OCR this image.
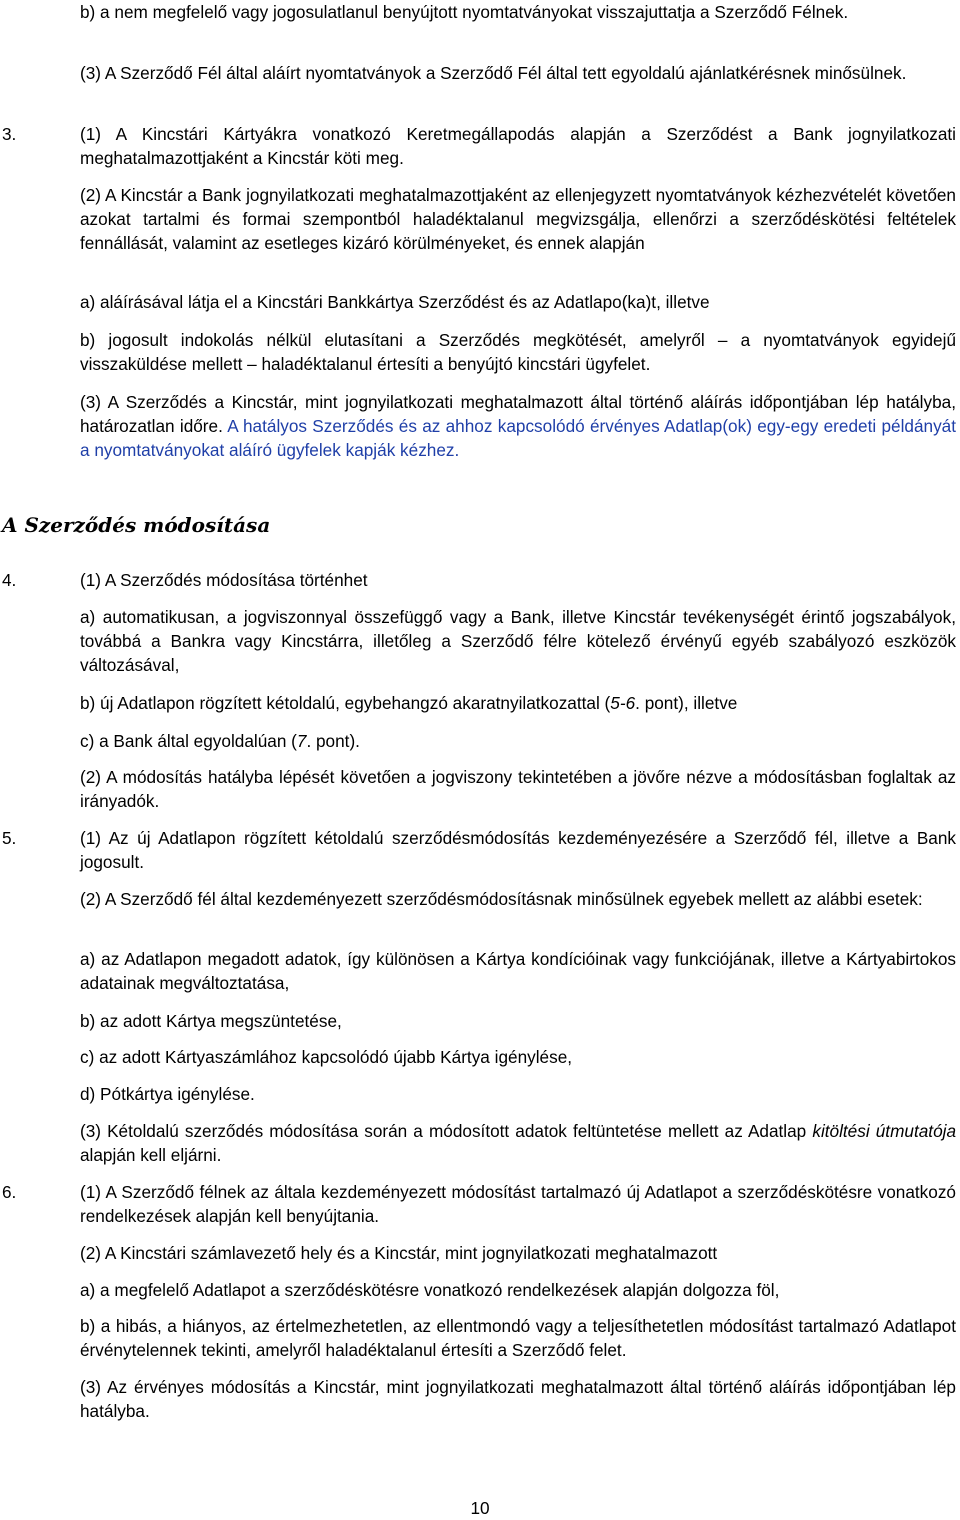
b) a nem megfelelő vagy jogosulatlanul benyújtott nyomtatványokat visszajuttatja a Szerződő Félnek.

(3) A Szerződő Fél által aláírt nyomtatványok a Szerződő Fél által tett egyoldalú ajánlatkérésnek minősülnek.

3.	(1) A Kincstári Kártyákra vonatkozó Keretmegállapodás alapján a Szerződést a Bank jognyilatkozati meghatalmazottjaként a Kincstár köti meg.

(2) A Kincstár a Bank jognyilatkozati meghatalmazottjaként az ellenjegyzett nyomtatványok kézhezvételét követően azokat tartalmi és formai szempontból haladéktalanul megvizsgálja, ellenőrzi a szerződéskötési feltételek fennállását, valamint az esetleges kizáró körülményeket, és ennek alapján

a) aláírásával látja el a Kincstári Bankkártya Szerződést és az Adatlapo(ka)t, illetve

b) jogosult indokolás nélkül elutasítani a Szerződés megkötését, amelyről – a nyomtatványok egyidejű visszaküldése mellett – haladéktalanul értesíti a benyújtó kincstári ügyfelet.

(3) A Szerződés a Kincstár, mint jognyilatkozati meghatalmazott által történő aláírás időpontjában lép hatályba, határozatlan időre. A hatályos Szerződés és az ahhoz kapcsolódó érvényes Adatlap(ok) egy-egy eredeti példányát a nyomtatványokat aláíró ügyfelek kapják kézhez.

A Szerződés módosítása

4.	(1) A Szerződés módosítása történhet

a) automatikusan, a jogviszonnyal összefüggő vagy a Bank, illetve Kincstár tevékenységét érintő jogszabályok, továbbá a Bankra vagy Kincstárra, illetőleg a Szerződő félre kötelező érvényű egyéb szabályozó eszközök változásával,

b) új Adatlapon rögzített kétoldalú, egybehangzó akaratnyilatkozattal (5-6. pont), illetve

c) a Bank által egyoldalúan (7. pont).

(2) A módosítás hatályba lépését követően a jogviszony tekintetében a jövőre nézve a módosításban foglaltak az irányadók.

5.	(1) Az új Adatlapon rögzített kétoldalú szerződésmódosítás kezdeményezésére a Szerződő fél, illetve a Bank jogosult.

(2) A Szerződő fél által kezdeményezett szerződésmódosításnak minősülnek egyebek mellett az alábbi esetek:

a) az Adatlapon megadott adatok, így különösen a Kártya kondícióinak vagy funkciójának, illetve a Kártyabirtokos adatainak megváltoztatása,

b) az adott Kártya megszüntetése,

c) az adott Kártyaszámlához kapcsolódó újabb Kártya igénylése,

d) Pótkártya igénylése.

(3) Kétoldalú szerződés módosítása során a módosított adatok feltüntetése mellett az Adatlap kitöltési útmutatója alapján kell eljárni.

6.	(1) A Szerződő félnek az általa kezdeményezett módosítást tartalmazó új Adatlapot a szerződéskötésre vonatkozó rendelkezések alapján kell benyújtania.

(2) A Kincstári számlavezető hely és a Kincstár, mint jognyilatkozati meghatalmazott

a) a megfelelő Adatlapot a szerződéskötésre vonatkozó rendelkezések alapján dolgozza föl,

b) a hibás, a hiányos, az értelmezhetetlen, az ellentmondó vagy a teljesíthetetlen módosítást tartalmazó Adatlapot érvénytelennek tekinti, amelyről haladéktalanul értesíti a Szerződő felet.

(3) Az érvényes módosítás a Kincstár, mint jognyilatkozati meghatalmazott által történő aláírás időpontjában lép hatályba.

10
